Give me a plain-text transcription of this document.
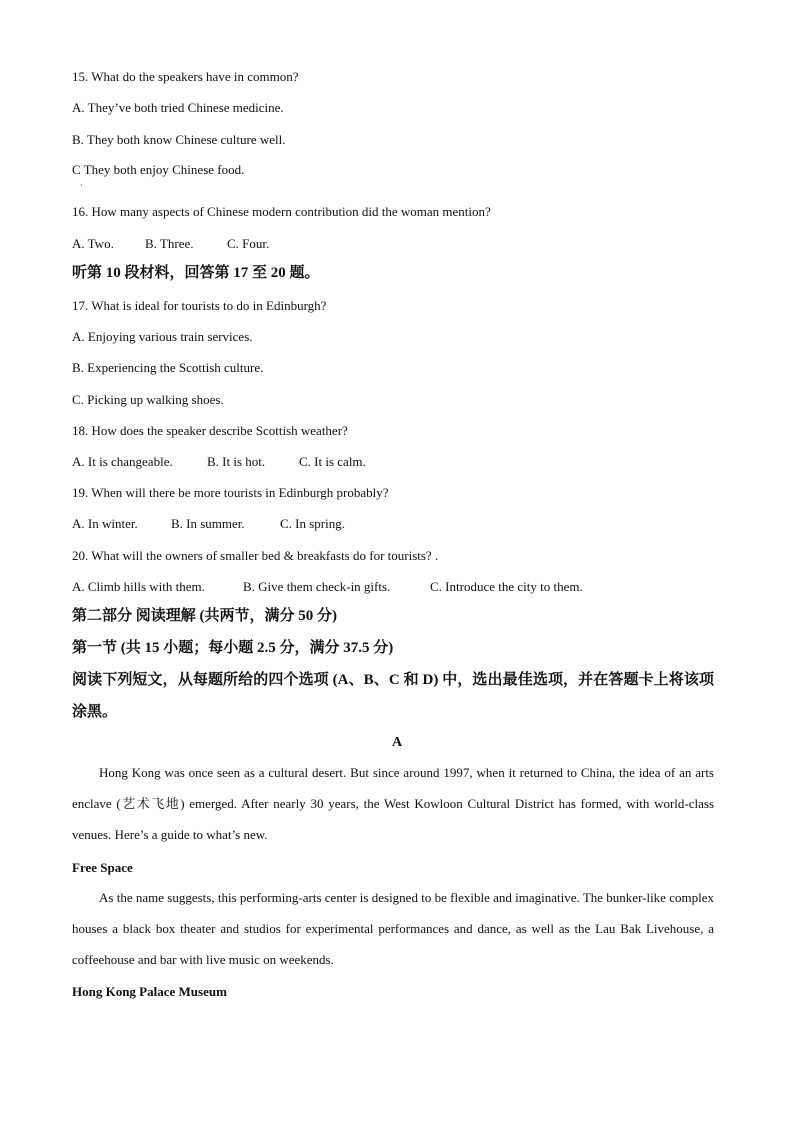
15. What do the speakers have in common?
A. They’ve both tried Chinese medicine.
B. They both know Chinese culture well.
C They both enjoy Chinese food.
·
16. How many aspects of Chinese modern contribution did the woman mention?
A. Two. B. Three.	C. Four.
听第 10 段材料，回答第 17 至 20 题。
17. What is ideal for tourists to do in Edinburgh?
A. Enjoying various train services.
B. Experiencing the Scottish culture.
C. Picking up walking shoes.
18. How does the speaker describe Scottish weather?
A. It is changeable.	B. It is hot.	C. It is calm.
19. When will there be more tourists in Edinburgh probably?
A. In winter.	B. In summer.	C. In spring.
20. What will the owners of smaller bed & breakfasts do for tourists? .
A. Climb hills with them.	B. Give them check-in gifts.	C. Introduce the city to them.
第二部分 阅读理解 (共两节，满分 50 分)
第一节 (共 15 小题；每小题 2.5 分，满分 37.5 分)
阅读下列短文，从每题所给的四个选项 (A、B、C 和 D) 中，选出最佳选项，并在答题卡上将该项涂黑。
A
Hong Kong was once seen as a cultural desert. But since around 1997, when it returned to China, the idea of an arts enclave (艺术飞地) emerged. After nearly 30 years, the West Kowloon Cultural District has formed, with world-class venues. Here’s a guide to what’s new.
Free Space
As the name suggests, this performing-arts center is designed to be flexible and imaginative. The bunker-like complex houses a black box theater and studios for experimental performances and dance, as well as the Lau Bak Livehouse, a coffeehouse and bar with live music on weekends.
Hong Kong Palace Museum
